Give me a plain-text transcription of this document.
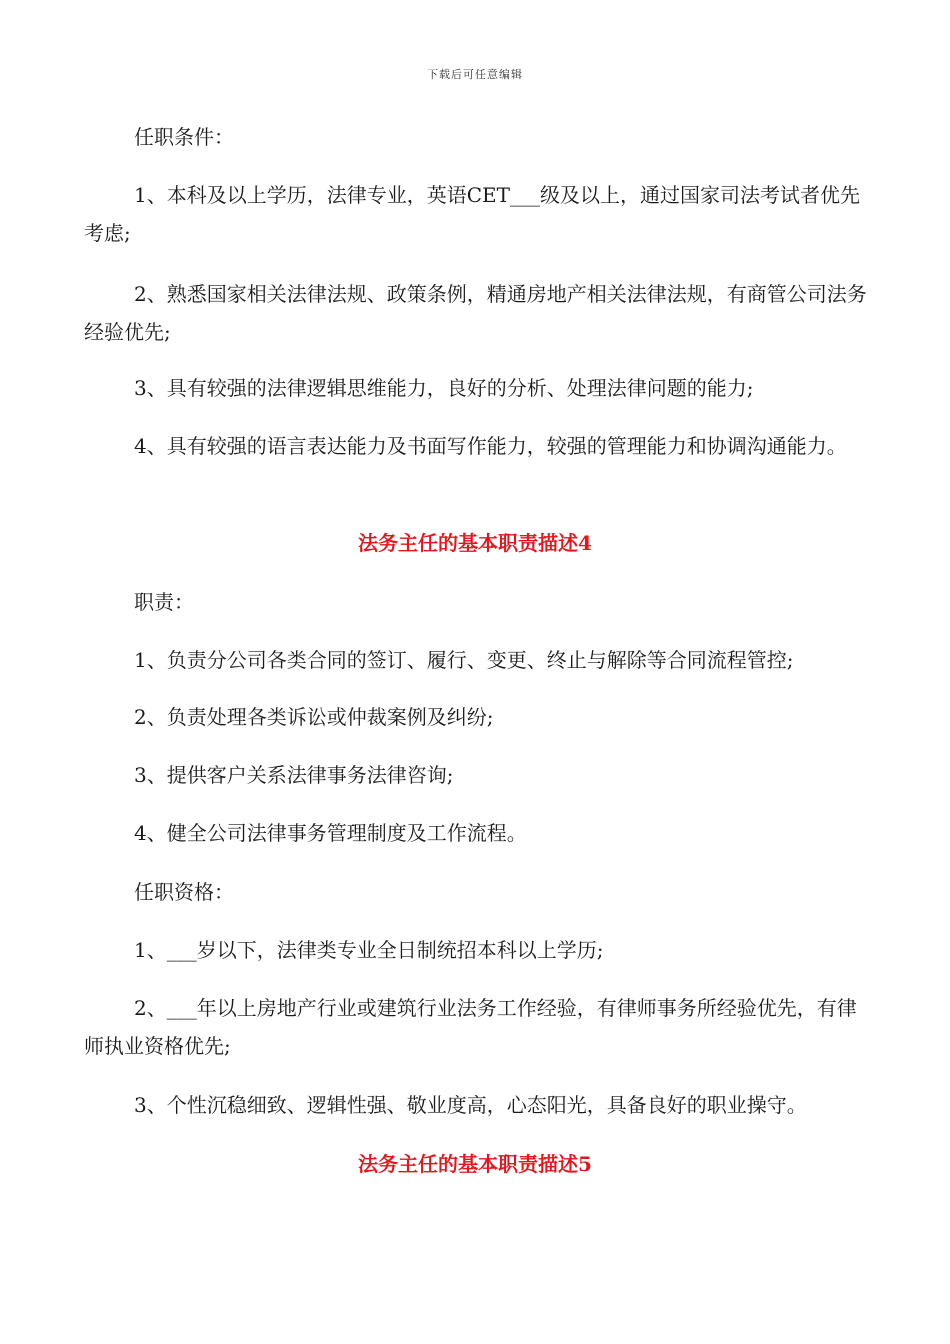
下载后可任意编辑
任职条件：
1、本科及以上学历，法律专业，英语CET___级及以上，通过国家司法考试者优先考虑;
2、熟悉国家相关法律法规、政策条例，精通房地产相关法律法规，有商管公司法务经验优先;
3、具有较强的法律逻辑思维能力，良好的分析、处理法律问题的能力;
4、具有较强的语言表达能力及书面写作能力，较强的管理能力和协调沟通能力。
法务主任的基本职责描述4
职责：
1、负责分公司各类合同的签订、履行、变更、终止与解除等合同流程管控;
2、负责处理各类诉讼或仲裁案例及纠纷;
3、提供客户关系法律事务法律咨询;
4、健全公司法律事务管理制度及工作流程。
任职资格：
1、___岁以下，法律类专业全日制统招本科以上学历;
2、___年以上房地产行业或建筑行业法务工作经验，有律师事务所经验优先，有律师执业资格优先;
3、个性沉稳细致、逻辑性强、敬业度高，心态阳光，具备良好的职业操守。
法务主任的基本职责描述5
